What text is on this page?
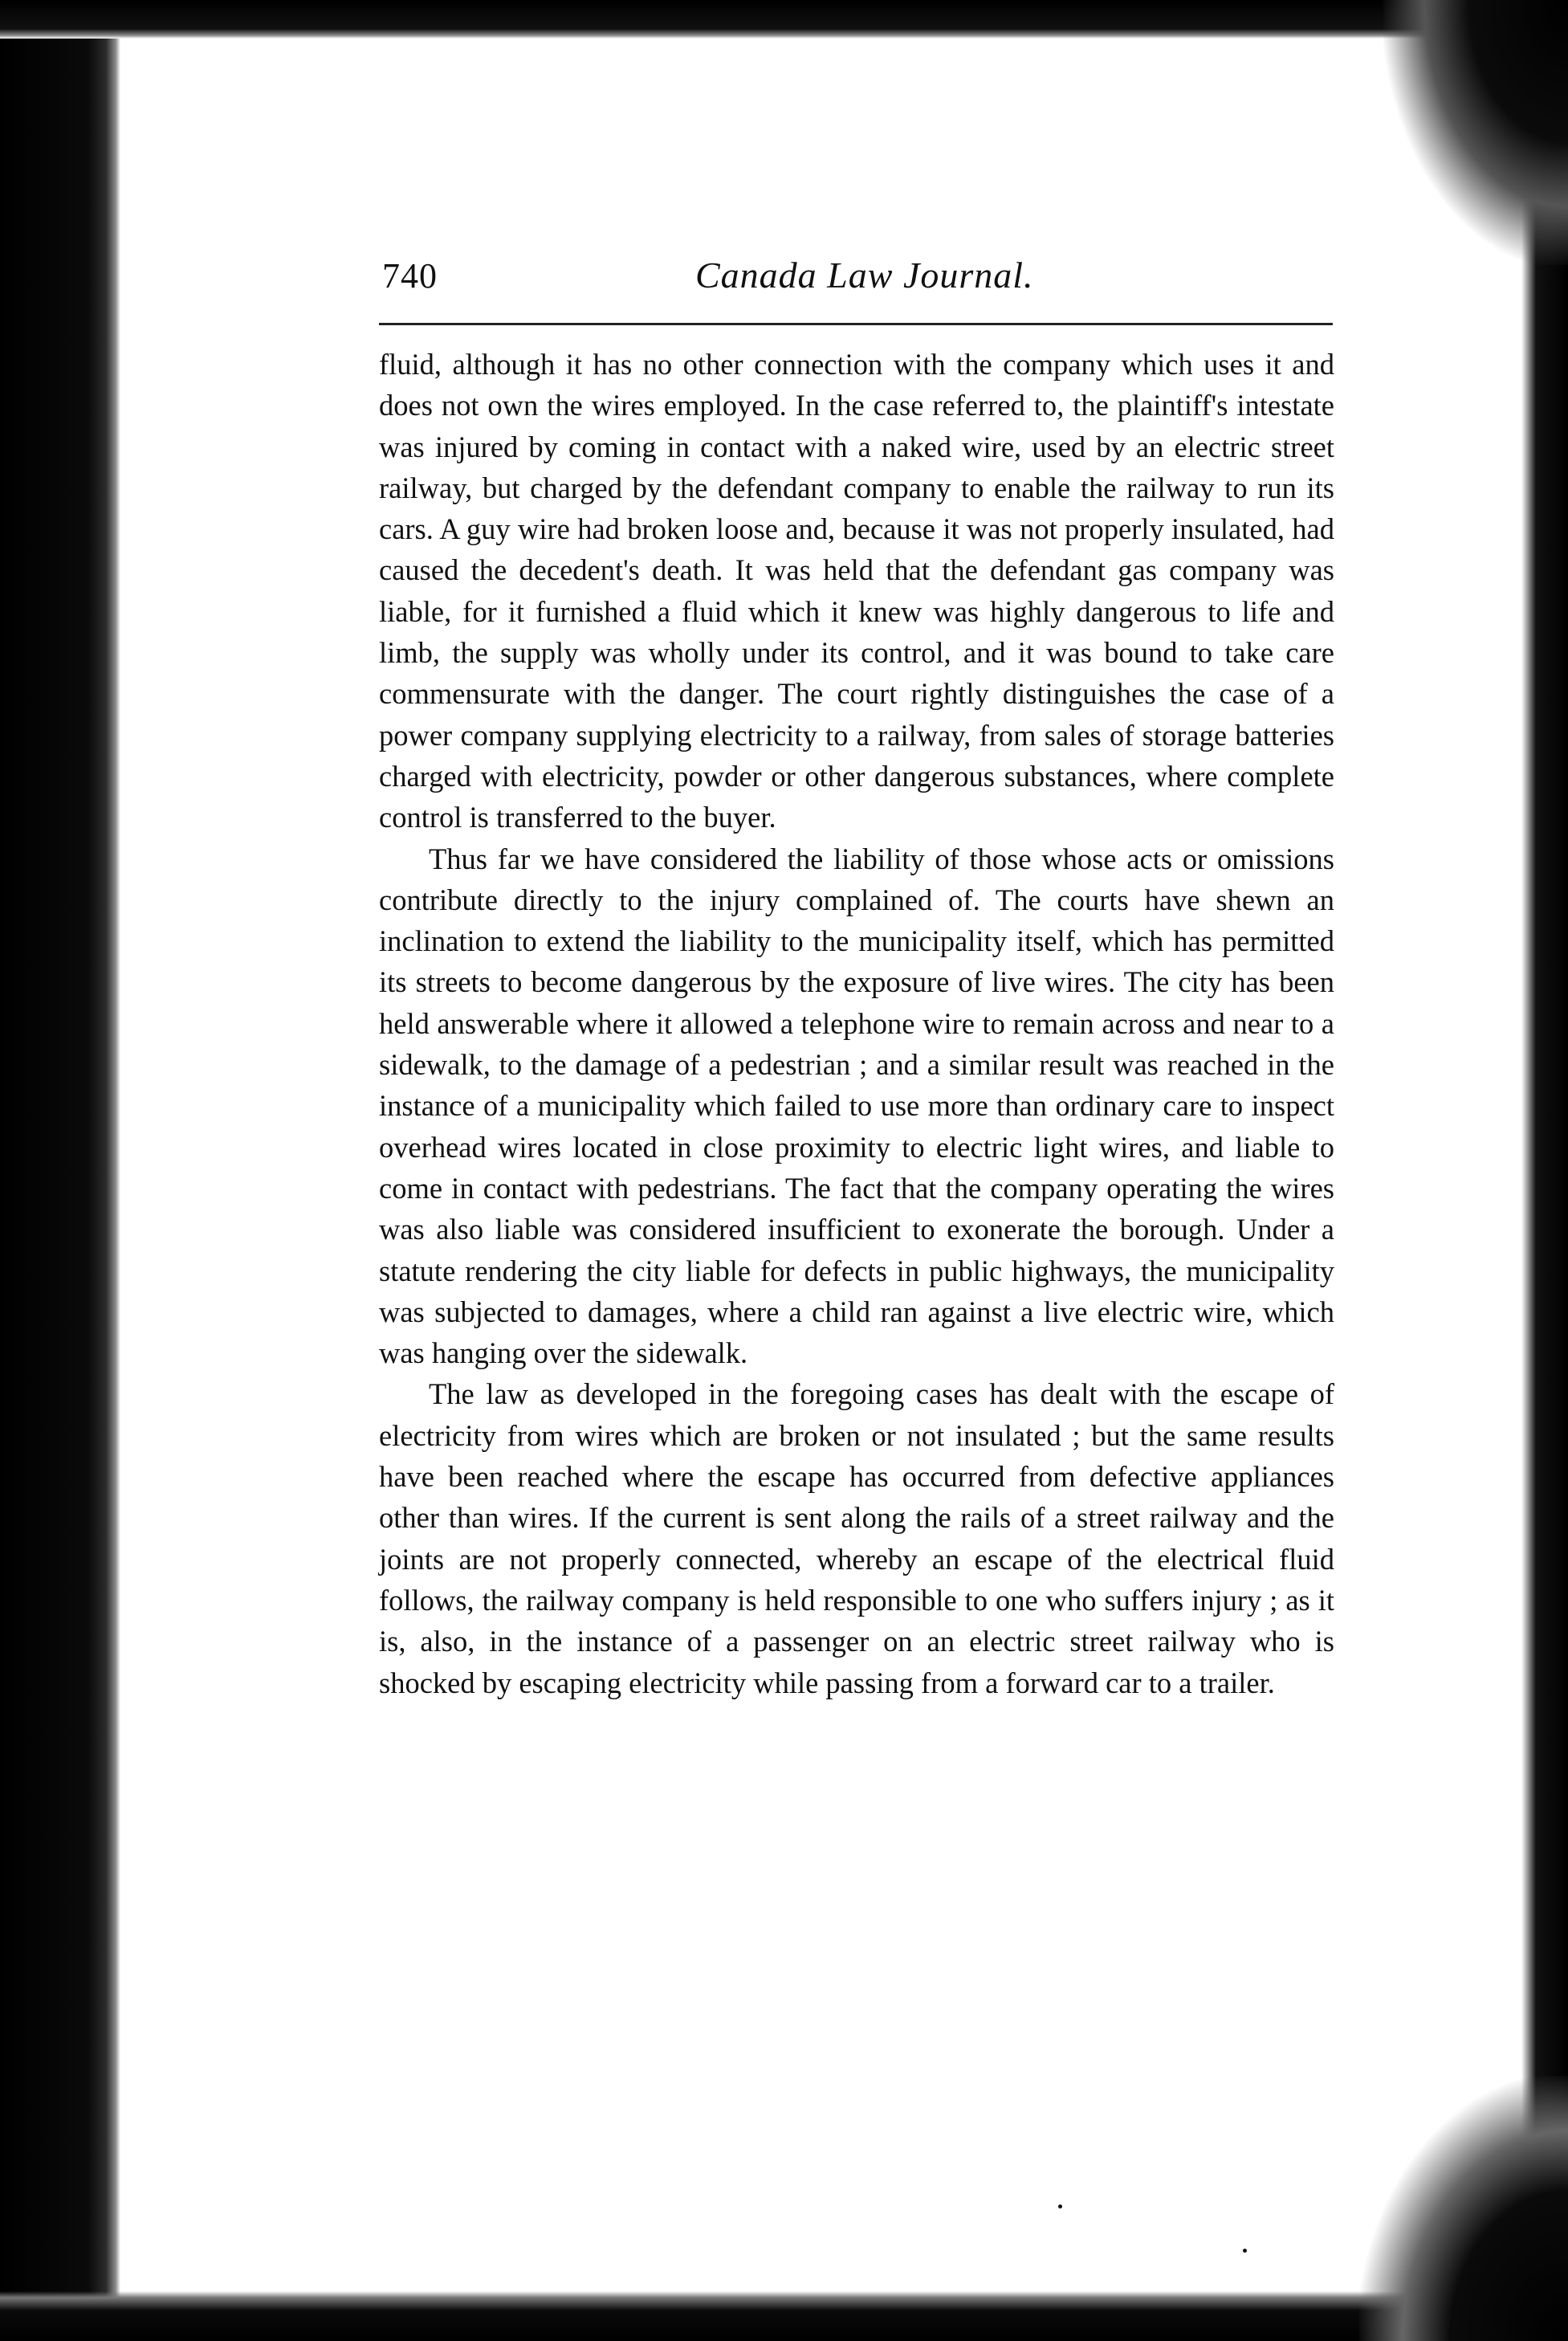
740	Canada Law Journal.

fluid, although it has no other connection with the company which uses it and does not own the wires employed. In the case referred to, the plaintiff's intestate was injured by coming in contact with a naked wire, used by an electric street railway, but charged by the defendant company to enable the railway to run its cars. A guy wire had broken loose and, because it was not properly insulated, had caused the decedent's death. It was held that the defendant gas company was liable, for it furnished a fluid which it knew was highly dangerous to life and limb, the supply was wholly under its control, and it was bound to take care commensurate with the danger. The court rightly distinguishes the case of a power company supplying electricity to a railway, from sales of storage batteries charged with electricity, powder or other dangerous substances, where complete control is transferred to the buyer.

Thus far we have considered the liability of those whose acts or omissions contribute directly to the injury complained of. The courts have shewn an inclination to extend the liability to the municipality itself, which has permitted its streets to become dangerous by the exposure of live wires. The city has been held answerable where it allowed a telephone wire to remain across and near to a sidewalk, to the damage of a pedestrian ; and a similar result was reached in the instance of a municipality which failed to use more than ordinary care to inspect overhead wires located in close proximity to electric light wires, and liable to come in contact with pedestrians. The fact that the company operating the wires was also liable was considered insufficient to exonerate the borough. Under a statute rendering the city liable for defects in public highways, the municipality was subjected to damages, where a child ran against a live electric wire, which was hanging over the sidewalk.

The law as developed in the foregoing cases has dealt with the escape of electricity from wires which are broken or not insulated ; but the same results have been reached where the escape has occurred from defective appliances other than wires. If the current is sent along the rails of a street railway and the joints are not properly connected, whereby an escape of the electrical fluid follows, the railway company is held responsible to one who suffers injury ; as it is, also, in the instance of a passenger on an electric street railway who is shocked by escaping electricity while passing from a forward car to a trailer.
